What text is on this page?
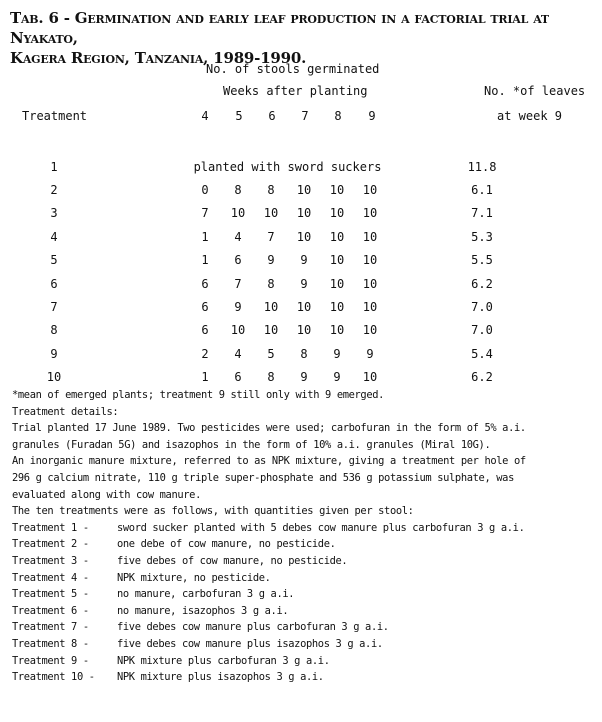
Tab. 6 - Germination and early leaf production in a factorial trial at Nyakato,
Kagera Region, Tanzania, 1989-1990.
No. of stools germinated
Weeks after planting
Treatment
No. *of leaves
at week 9
4	5	6	7	8	9
1		planted with sword suckers												11.8
2		0		8		8		10		10		10		6.1
3		7		10		10		10		10		10		7.1
4		1		4		7		10		10		10		5.3
5		1		6		9		9		10		10		5.5
6		6		7		8		9		10		10		6.2
7		6		9		10		10		10		10		7.0
8		6		10		10		10		10		10		7.0
9		2		4		5		8		9		9		5.4
10		1		6		8		9		9		10		6.2

*mean of emerged plants; treatment 9 still only with 9 emerged.

Treatment details:

Trial planted 17 June 1989. Two pesticides were used; carbofuran in the form of 5% a.i.

granules (Furadan 5G) and isazophos in the form of 10% a.i. granules (Miral 10G).

An inorganic manure mixture, referred to as NPK mixture, giving a treatment per hole of

296 g calcium nitrate, 110 g triple super-phosphate and 536 g potassium sulphate, was

evaluated along with cow manure.

The ten treatments were as follows, with quantities given per stool:

Treatment 1 -	sword sucker planted with 5 debes cow manure plus carbofuran 3 g a.i.
Treatment 2 -	one debe of cow manure, no pesticide.
Treatment 3 -	five debes of cow manure, no pesticide.
Treatment 4 -	NPK mixture, no pesticide.
Treatment 5 -	no manure, carbofuran 3 g a.i.
Treatment 6 -	no manure, isazophos 3 g a.i.
Treatment 7 -	five debes cow manure plus carbofuran 3 g a.i.
Treatment 8 -	five debes cow manure plus isazophos 3 g a.i.
Treatment 9 -	NPK mixture plus carbofuran 3 g a.i.
Treatment 10 -	NPK mixture plus isazophos 3 g a.i.
